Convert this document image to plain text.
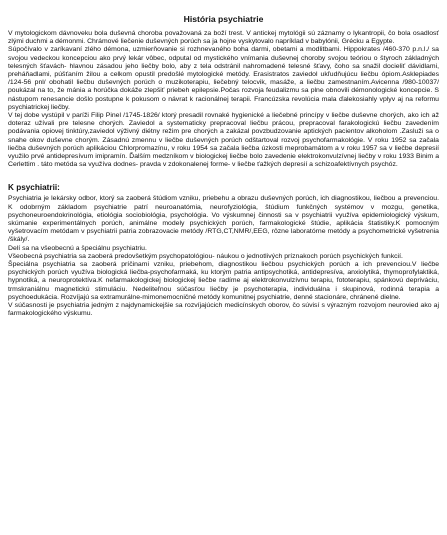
História psychiatrie

V mytologickom dávnoveku bola duševná choroba považovaná za boží trest. V antickej mytológii sú záznamy o lykantropii, čo bola osadlosť zlými duchmi a démonmi. Chrámové liečenie duševných porúch sa ja hojne vyskytovalo napríklad v babylónii, Grécku a Egypte.

Súpočívalo v zaríkavaní zlého démona, uzmierňovanie si rozhnevaného boha darmi, obetami a modlitbami. Hippokrates /460-370 p.n.l./ sa svojou vedeckou koncepciou ako prvý lekár vôbec, odputal od mystického vnímania duševnej choroby svojou teóriou o štyroch základných telesných šťavách- hlavnou zásadou jeho liečby bolo, aby z tela odstránil nahromadené telesné šťavy, čoho sa snažil docieliť dávidlami, preháňadlami, púšťaním žilou a celkom opustil predošlé mytologické metódy. Erasistratos zaviedol ukľudňujúcu liečbu ópiom.Asklepiades /124-56 pnl/ obohatil liečbu duševných porúch o muzikoterapiu, liečebný telocvik, masáže, a liečbu zamestnaním.Avicenna /980-10037/ poukázal na to, že mánia a horúčka dokáže zlepšiť priebeh epilepsie.Počas rozvoja feudalizmu sa plne obnovili démonologické koncepcie. S nástupom renesancie došlo postupne k pokusom o návrat k racionálnej terapii. Francúzska revolúcia mala ďalekosiahly vplyv aj na reformu psychiatrickej liečby.

V tej dobe vystúpil v paríži Filip Pinel /1745-1826/ ktorý presadil rovnaké hygienické a liečebné princípy v liečbe duševne chorých, ako ich až doteraz užívali pre telesne chorých. Zaviedol a systematicky prepracoval liečbu prácou, prepracoval farakologickú liečbu zavedením podávania opiovej tinktúry,zaviedol výživný diétny režim pre chorých a zakázal povzbudzovanie aptických pacientov alkoholom .Zasluži sa o snahe okov duševne chorým. Zásadnú zmennu v liečbe duševných porúch odštartoval rozvoj psychofarmakológie. V roku 1952 sa začala liečba duševných porúch aplikáciou Chlorpromazínu, v roku 1954 sa začala liečba úzkosti meprobamátom a v roku 1957 sa v liečbe depresií využilo prvé antidepresívum imipramín. Ďalším medzníkom v biologickej liečbe bolo zavedenie elektrokonvulzívnej liečby v roku 1933 Binim a Cerlettim . táto metóda sa využíva dodnes- pravda v zdokonalenej forme- v liečbe ťažkých depresií a schizoafektívnych psychóz.

K psychiatrii:

Psychiatria je lekársky odbor, ktorý sa zaoberá štúdiom vzniku, priebehu a obrazu duševných porúch, ich diagnostikou, liečbou a prevenciou. K odobrným základom psychiatrie patrí neuroanatómia, neurofyziológia, štúdium funkčných systémov v mozgu, genetika, psychoneuroendokrinológia, etiológia sociobiológia, psychológia. Vo výskumnej činnosti sa v psychiatrii využíva epidemiologický výskum, skúmanie experimentálnych porúch, animálne modely psychických porúch, farmakologické štúdie, aplikácia štatistiky.K pomocným vyšetrovacím metódam v psychiatrii patria zobrazovacie metódy /RTG,CT,NMR/,EEG, rôzne laboratórne metódy a psychometrické vyšetrenia /škály/.

Delí sa na všeobecnú a špeciálnu psychiatriu.

Všeobecná psychiatria sa zaoberá predovšetkým psychopatológiou- náukou o jednotlivých príznakoch porúch psychických funkcií.

Špeciálna psychiatria sa zaoberá príčinami vzniku, priebehom, diagnostikou liečbou psychických porúch a ich prevenciou.V liečbe psychických porúch využíva biologická liečba-psychofarmaká, ku ktorým patria antipsychotiká, antidepresíva, anxiolytiká, thymoprofylaktiká, hypnotiká, a neuroprotektíva.K nefarmakologickej biologickej liečbe radíme aj elektrokonvulzívnu terapiu, fototerapiu, spánkovú depriváciu, trmskraniálnu magnetickú stimuláciu. Nedeliteľnou súčasťou liečby je psychoterapia, individuálna i skupinová, rodinná terapia a psychoedukácia. Rozvíjajú sa extramurálne-mimonemocničné metódy komunitnej psychiatrie, denné stacionáre, chránené dielne.

V súčasnosti je psychiatria jedným z najdynamickejšie sa rozvíjajúcich medicínskych oborov, čo súvisí s výrazným rozvojom neurovied ako aj farmakologického výskumu.
